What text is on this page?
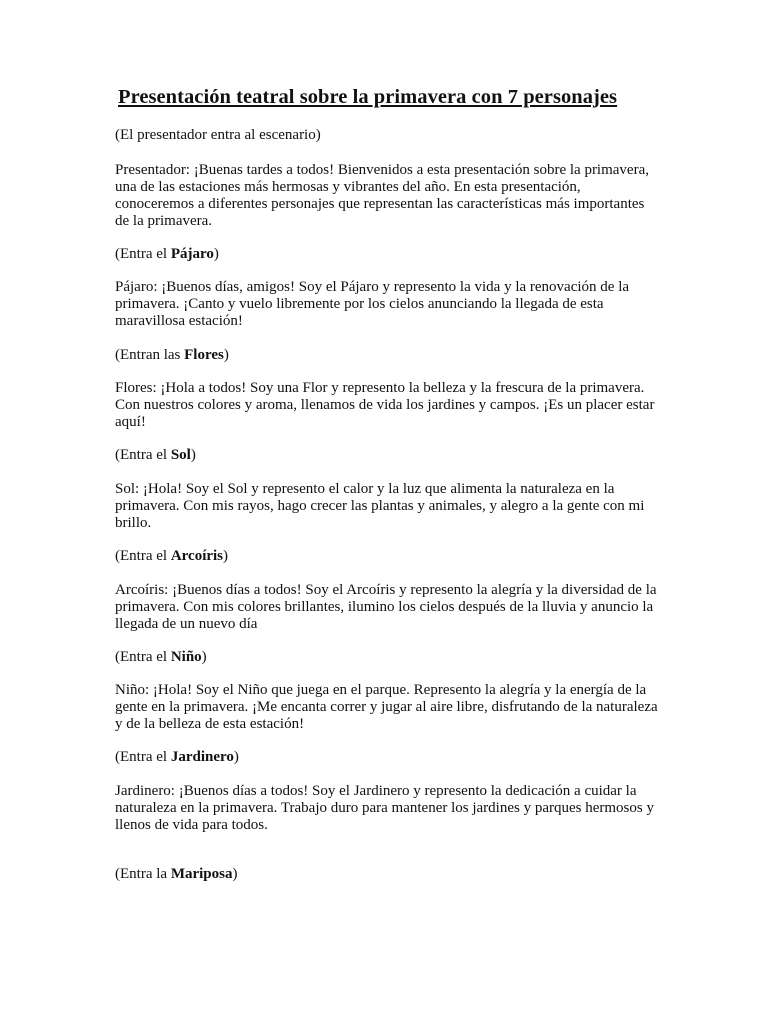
Presentación teatral sobre la primavera con 7 personajes

(El presentador entra al escenario)

Presentador: ¡Buenas tardes a todos! Bienvenidos a esta presentación sobre la primavera, una de las estaciones más hermosas y vibrantes del año. En esta presentación, conoceremos a diferentes personajes que representan las características más importantes de la primavera.

(Entra el Pájaro)

Pájaro: ¡Buenos días, amigos! Soy el Pájaro y represento la vida y la renovación de la primavera. ¡Canto y vuelo libremente por los cielos anunciando la llegada de esta maravillosa estación!

(Entran las Flores)

Flores: ¡Hola a todos! Soy una Flor y represento la belleza y la frescura de la primavera. Con nuestros colores y aroma, llenamos de vida los jardines y campos. ¡Es un placer estar aquí!

(Entra el Sol)

Sol: ¡Hola! Soy el Sol y represento el calor y la luz que alimenta la naturaleza en la primavera. Con mis rayos, hago crecer las plantas y animales, y alegro a la gente con mi brillo.

(Entra el Arcoíris)

Arcoíris: ¡Buenos días a todos! Soy el Arcoíris y represento la alegría y la diversidad de la primavera. Con mis colores brillantes, ilumino los cielos después de la lluvia y anuncio la llegada de un nuevo día

(Entra el Niño)

Niño: ¡Hola! Soy el Niño que juega en el parque. Represento la alegría y la energía de la gente en la primavera. ¡Me encanta correr y jugar al aire libre, disfrutando de la naturaleza y de la belleza de esta estación!

(Entra el Jardinero)

Jardinero: ¡Buenos días a todos! Soy el Jardinero y represento la dedicación a cuidar la naturaleza en la primavera. Trabajo duro para mantener los jardines y parques hermosos y llenos de vida para todos.

(Entra la Mariposa)
